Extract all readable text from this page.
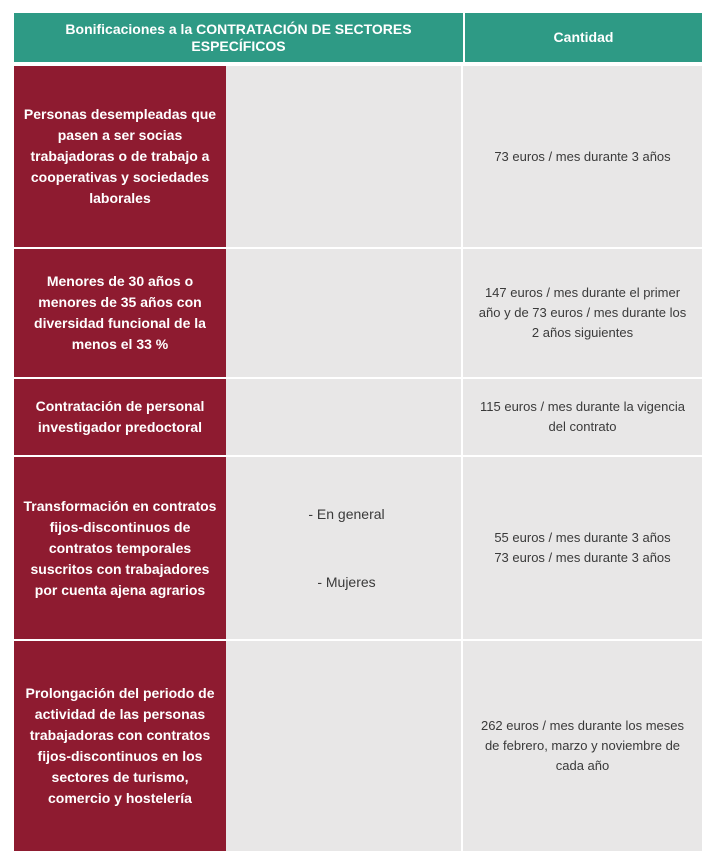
Bonificaciones a la CONTRATACIÓN DE SECTORES ESPECÍFICOS
Cantidad
Personas desempleadas que pasen a ser socias trabajadoras o de trabajo a cooperativas y sociedades laborales
73 euros / mes durante 3 años
Menores de 30 años o menores de 35 años con diversidad funcional de la menos el 33 %
147 euros / mes durante el primer año y de 73 euros / mes durante los 2 años siguientes
Contratación de personal investigador predoctoral
115 euros / mes durante la vigencia del contrato
Transformación en contratos fijos-discontinuos de contratos temporales suscritos con trabajadores por cuenta ajena agrarios
- En general
- Mujeres
55 euros / mes durante 3 años
73 euros / mes durante 3 años
Prolongación del periodo de actividad de las personas trabajadoras con contratos fijos-discontinuos en los sectores de turismo, comercio y hostelería
262 euros / mes durante los meses de febrero, marzo y noviembre de cada año
